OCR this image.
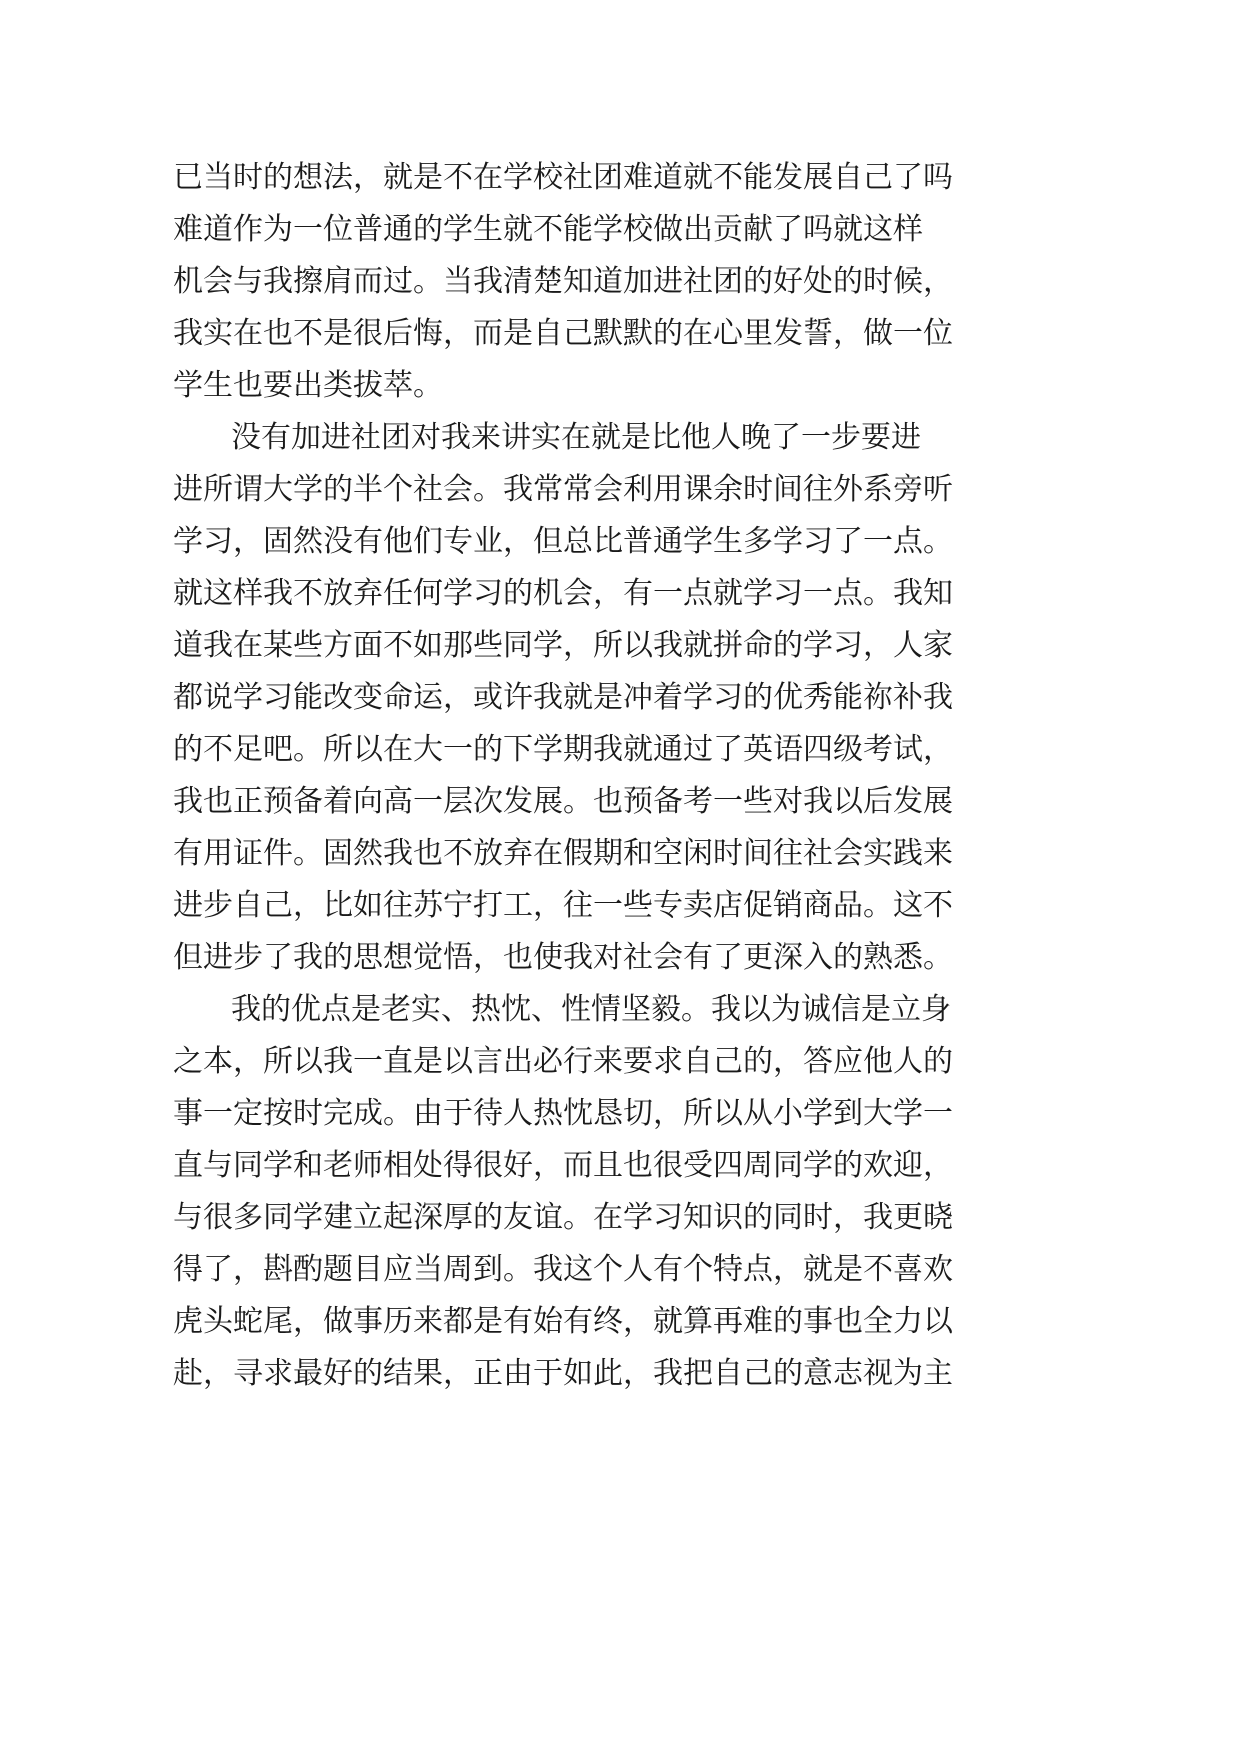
已当时的想法，就是不在学校社团难道就不能发展自己了吗
难道作为一位普通的学生就不能学校做出贡献了吗就这样
机会与我擦肩而过。当我清楚知道加进社团的好处的时候，
我实在也不是很后悔，而是自己默默的在心里发誓，做一位
学生也要出类拔萃。
没有加进社团对我来讲实在就是比他人晚了一步要进
进所谓大学的半个社会。我常常会利用课余时间往外系旁听
学习，固然没有他们专业，但总比普通学生多学习了一点。
就这样我不放弃任何学习的机会，有一点就学习一点。我知
道我在某些方面不如那些同学，所以我就拼命的学习，人家
都说学习能改变命运，或许我就是冲着学习的优秀能祢补我
的不足吧。所以在大一的下学期我就通过了英语四级考试，
我也正预备着向高一层次发展。也预备考一些对我以后发展
有用证件。固然我也不放弃在假期和空闲时间往社会实践来
进步自己，比如往苏宁打工，往一些专卖店促销商品。这不
但进步了我的思想觉悟，也使我对社会有了更深入的熟悉。
我的优点是老实、热忱、性情坚毅。我以为诚信是立身
之本，所以我一直是以言出必行来要求自己的，答应他人的
事一定按时完成。由于待人热忱恳切，所以从小学到大学一
直与同学和老师相处得很好，而且也很受四周同学的欢迎，
与很多同学建立起深厚的友谊。在学习知识的同时，我更晓
得了，斟酌题目应当周到。我这个人有个特点，就是不喜欢
虎头蛇尾，做事历来都是有始有终，就算再难的事也全力以
赴，寻求最好的结果，正由于如此，我把自己的意志视为主
